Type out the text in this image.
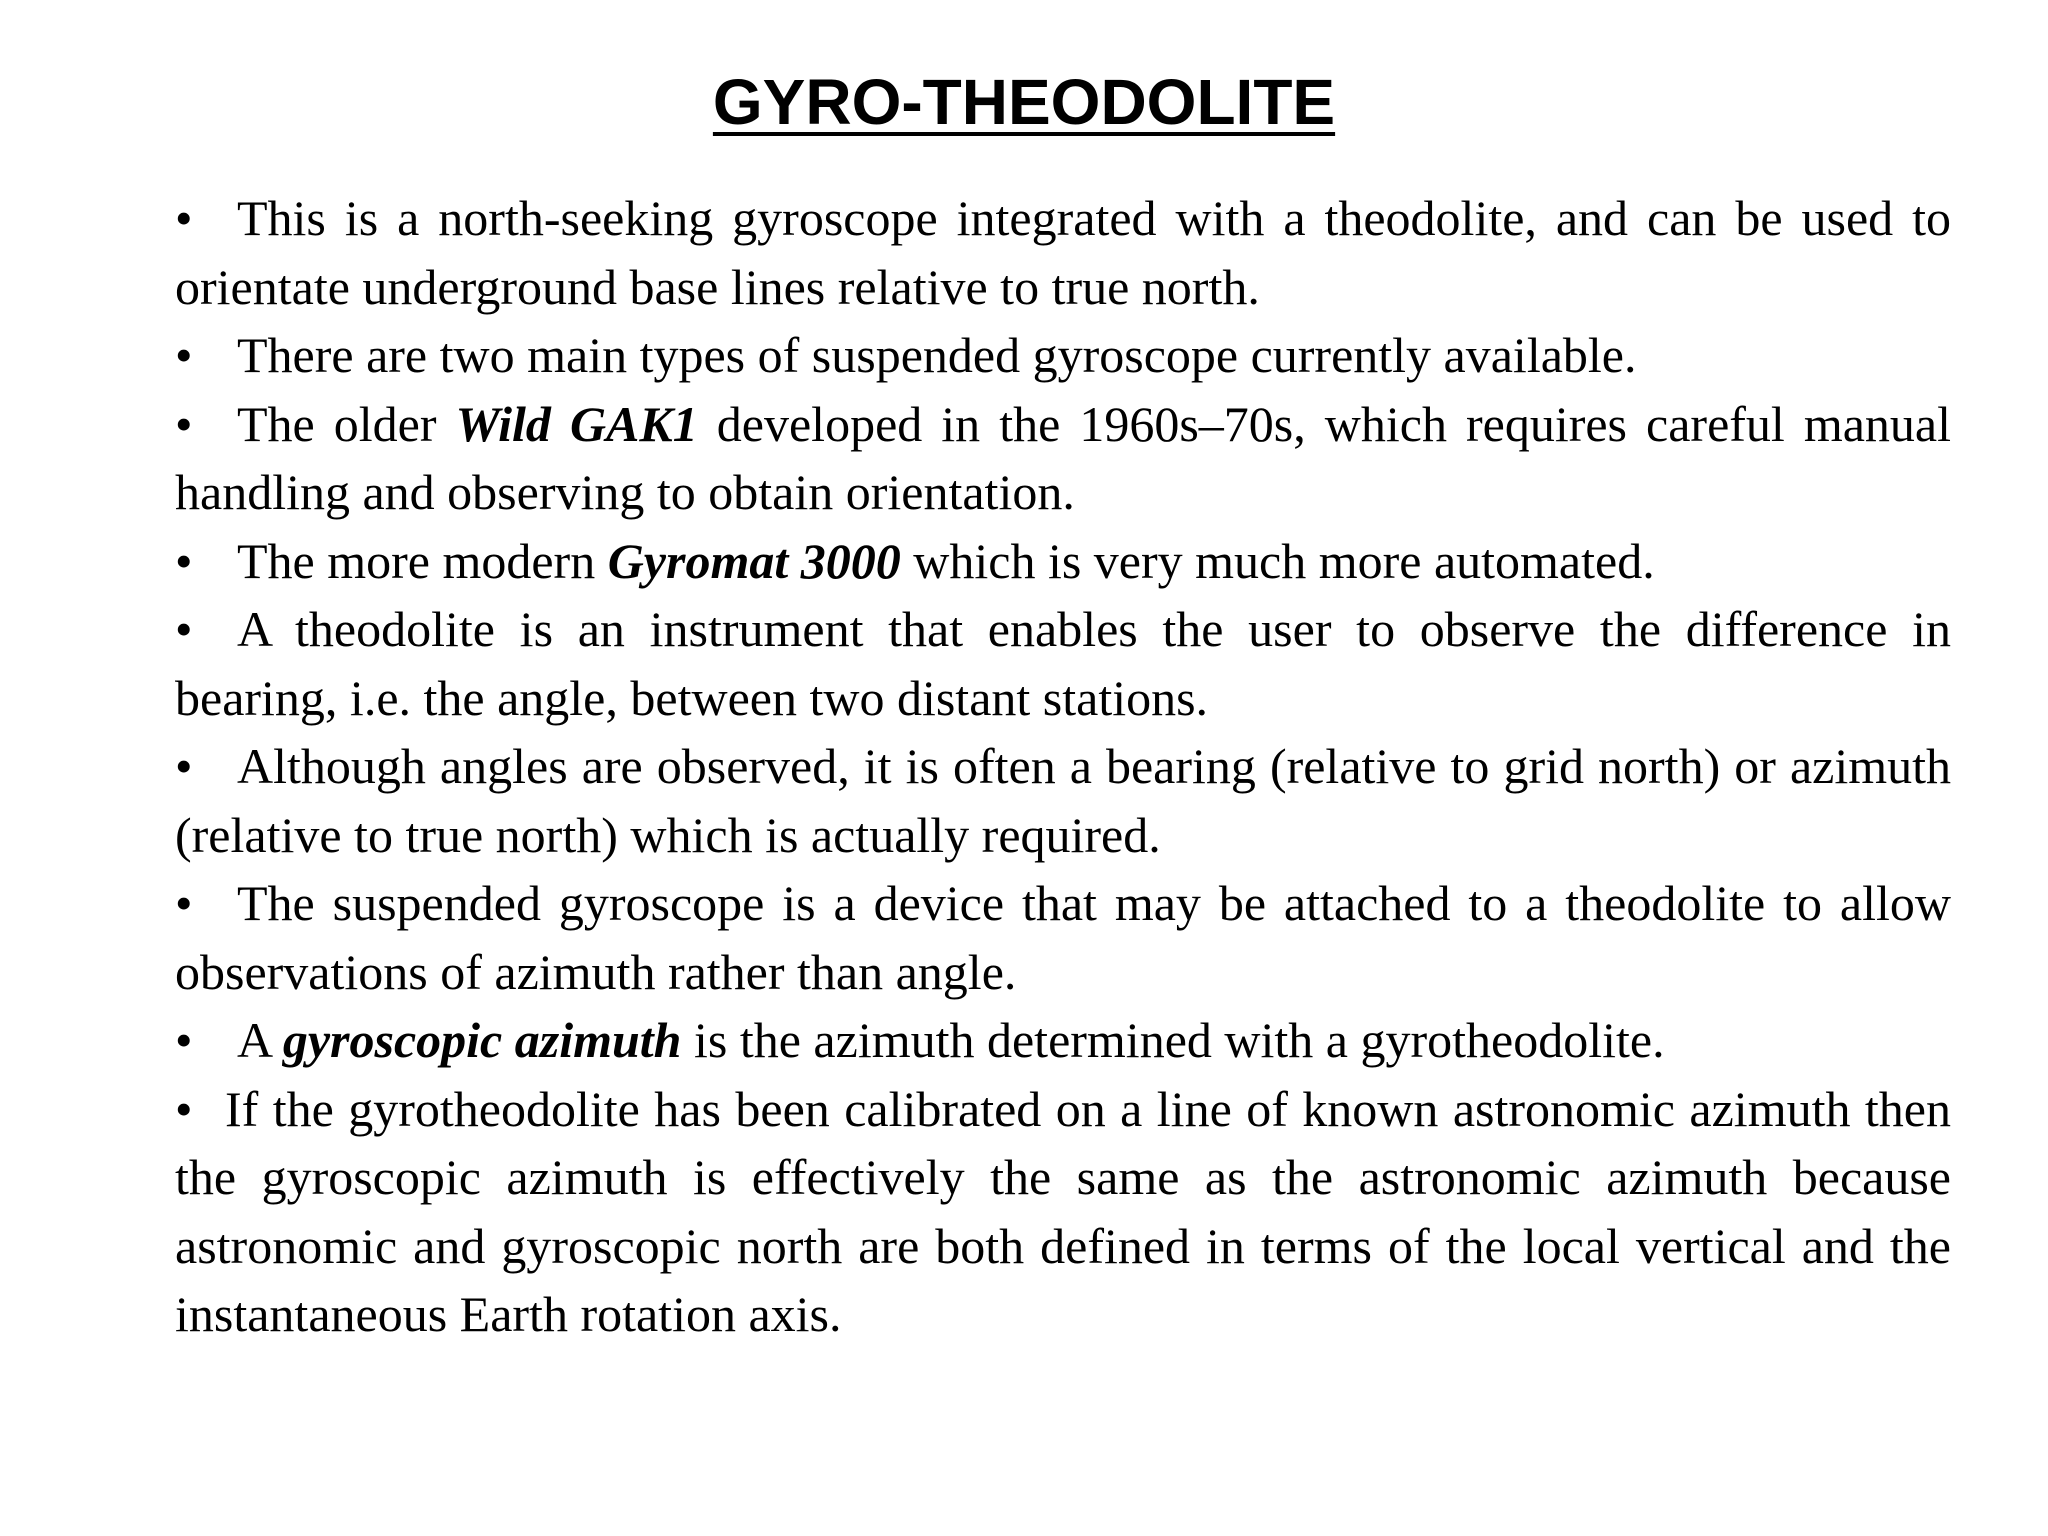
GYRO-THEODOLITE

• This is a north-seeking gyroscope integrated with a theodolite, and can be used to orientate underground base lines relative to true north.

• There are two main types of suspended gyroscope currently available.

• The older Wild GAK1 developed in the 1960s–70s, which requires careful manual handling and observing to obtain orientation.

• The more modern Gyromat 3000 which is very much more automated.

• A theodolite is an instrument that enables the user to observe the difference in bearing, i.e. the angle, between two distant stations.

• Although angles are observed, it is often a bearing (relative to grid north) or azimuth (relative to true north) which is actually required.

• The suspended gyroscope is a device that may be attached to a theodolite to allow observations of azimuth rather than angle.

• A gyroscopic azimuth is the azimuth determined with a gyrotheodolite.

• If the gyrotheodolite has been calibrated on a line of known astronomic azimuth then the gyroscopic azimuth is effectively the same as the astronomic azimuth because astronomic and gyroscopic north are both defined in terms of the local vertical and the instantaneous Earth rotation axis.
